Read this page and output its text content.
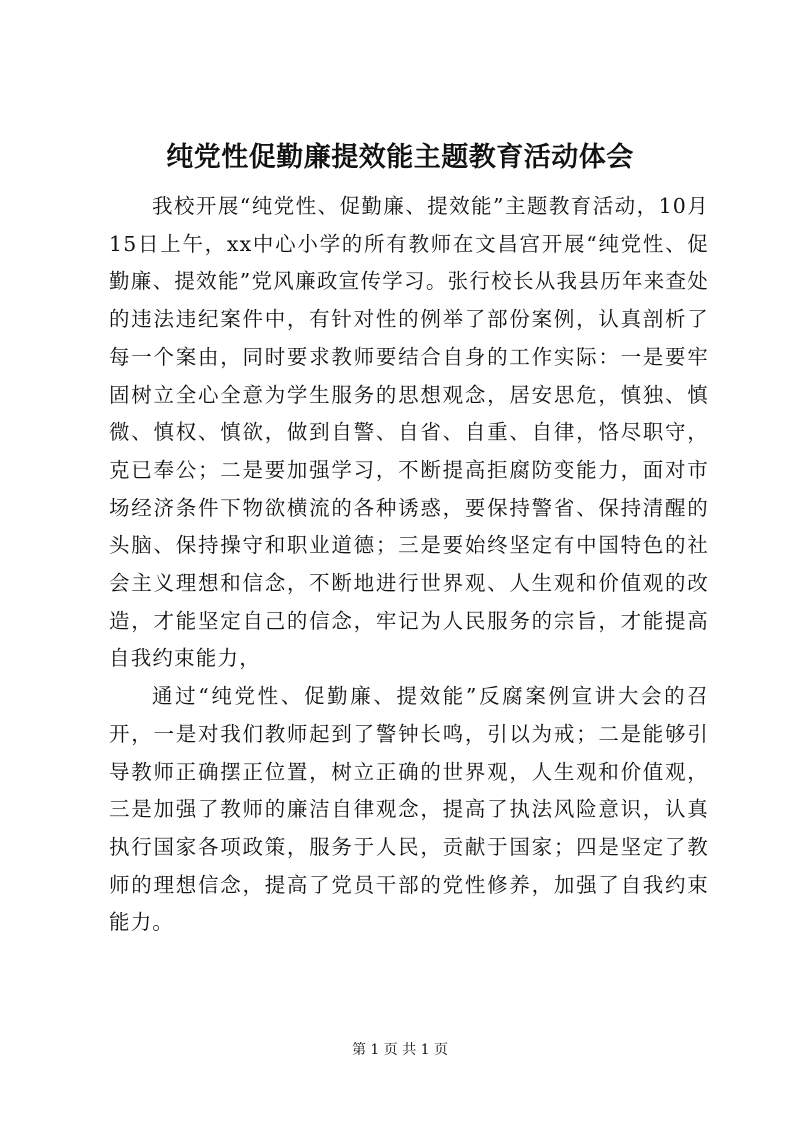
纯党性促勤廉提效能主题教育活动体会

我校开展“纯党性、促勤廉、提效能”主题教育活动，10月15日上午，xx中心小学的所有教师在文昌宫开展“纯党性、促勤廉、提效能”党风廉政宣传学习。张行校长从我县历年来查处的违法违纪案件中，有针对性的例举了部份案例，认真剖析了每一个案由，同时要求教师要结合自身的工作实际：一是要牢固树立全心全意为学生服务的思想观念，居安思危，慎独、慎微、慎权、慎欲，做到自警、自省、自重、自律，恪尽职守，克已奉公；二是要加强学习，不断提高拒腐防变能力，面对市场经济条件下物欲横流的各种诱惑，要保持警省、保持清醒的头脑、保持操守和职业道德；三是要始终坚定有中国特色的社会主义理想和信念，不断地进行世界观、人生观和价值观的改造，才能坚定自己的信念，牢记为人民服务的宗旨，才能提高自我约束能力，

通过“纯党性、促勤廉、提效能”反腐案例宣讲大会的召开，一是对我们教师起到了警钟长鸣，引以为戒；二是能够引导教师正确摆正位置，树立正确的世界观，人生观和价值观，三是加强了教师的廉洁自律观念，提高了执法风险意识，认真执行国家各项政策，服务于人民，贡献于国家；四是坚定了教师的理想信念，提高了党员干部的党性修养，加强了自我约束能力。

第 1 页 共 1 页
